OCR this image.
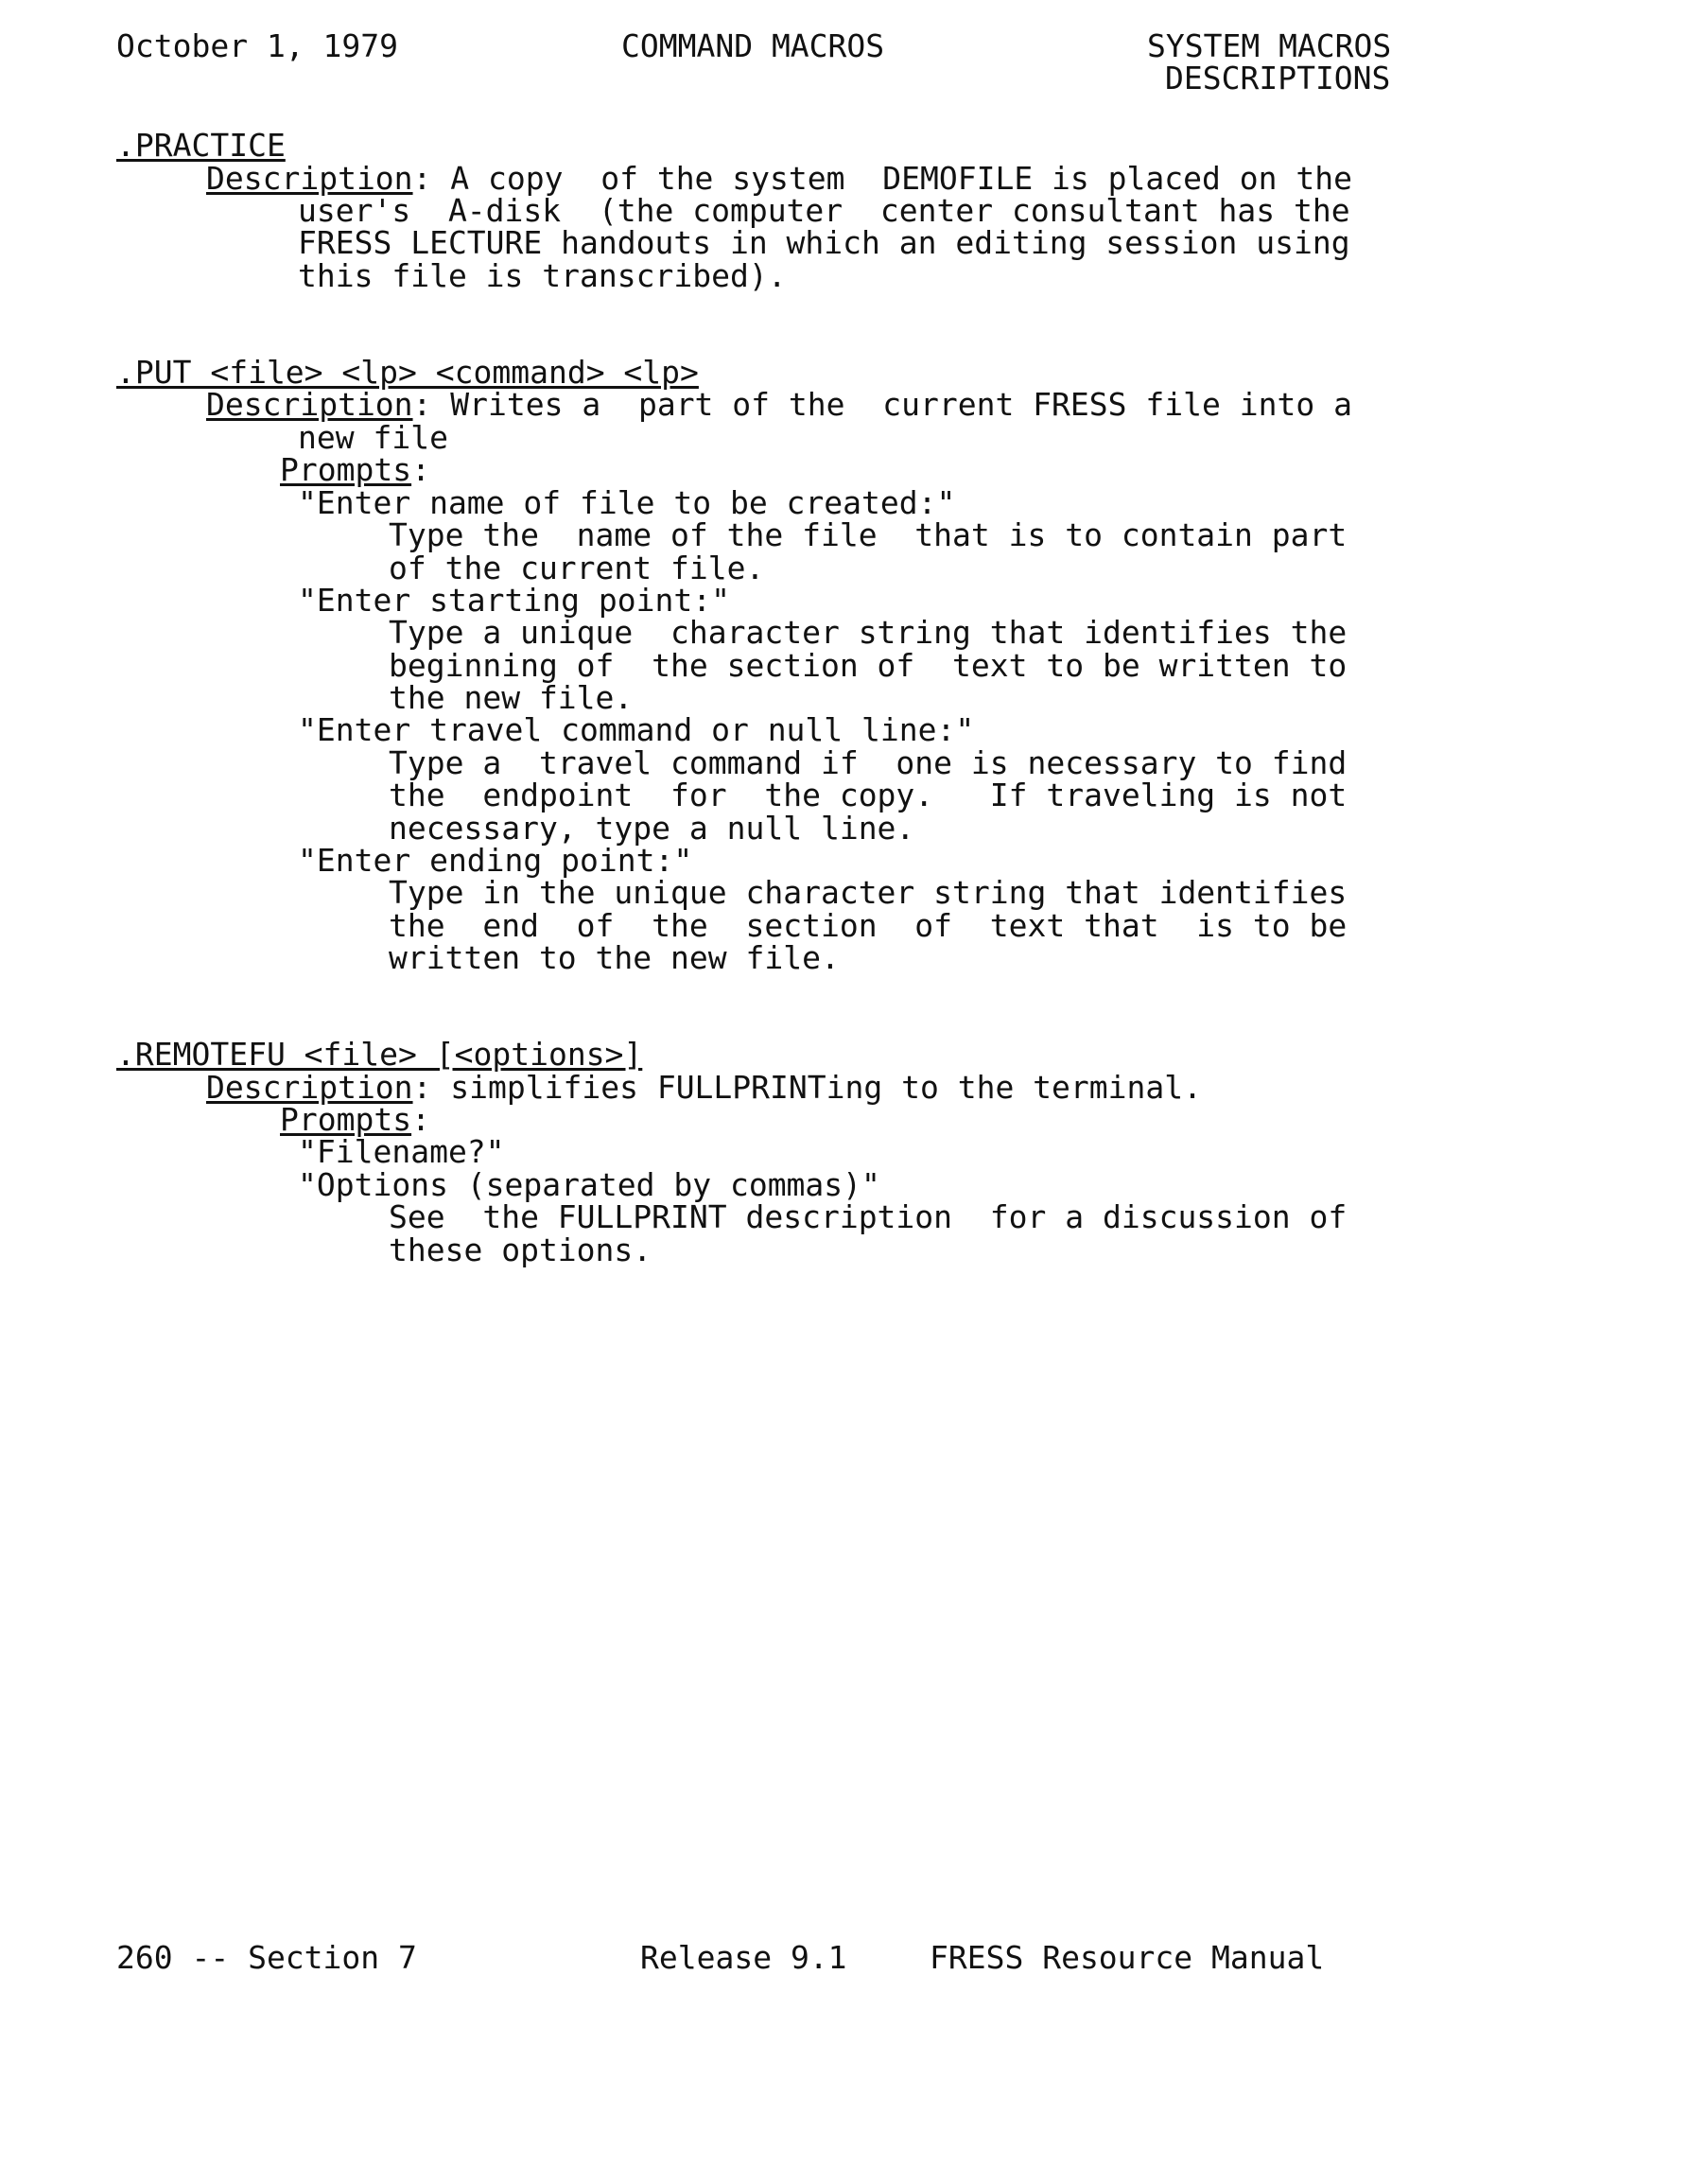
October 1, 1979	COMMAND MACROS	SYSTEM MACROS
DESCRIPTIONS
.PRACTICE
Description: A copy  of the system  DEMOFILE is placed on the
user's  A-disk  (the computer  center consultant has the
FRESS LECTURE handouts in which an editing session using
this file is transcribed).
.PUT <file> <lp> <command> <lp>
Description: Writes a  part of the  current FRESS file into a
new file
Prompts:
"Enter name of file to be created:"
Type the  name of the file  that is to contain part
of the current file.
"Enter starting point:"
Type a unique  character string that identifies the
beginning of  the section of  text to be written to
the new file.
"Enter travel command or null line:"
Type a  travel command if  one is necessary to find
the  endpoint  for  the copy.   If traveling is not
necessary, type a null line.
"Enter ending point:"
Type in the unique character string that identifies
the  end  of  the  section  of  text that  is to be
written to the new file.
.REMOTEFU <file> [<options>]
Description: simplifies FULLPRINTing to the terminal.
Prompts:
"Filename?"
"Options (separated by commas)"
See  the FULLPRINT description  for a discussion of
these options.
260 -- Section 7	Release 9.1	FRESS Resource Manual
